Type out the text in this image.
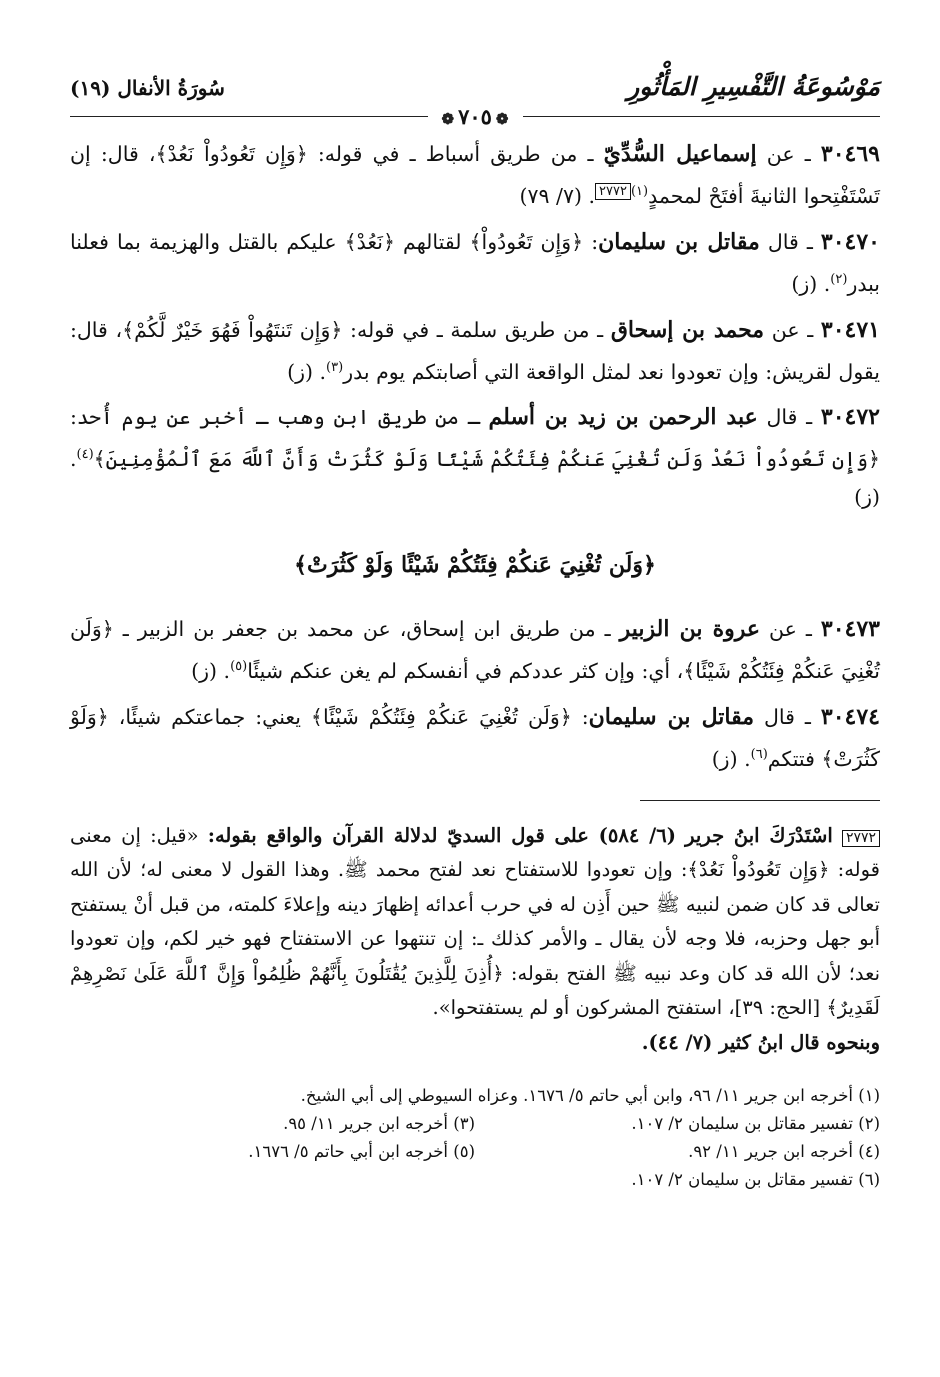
مَوْسُوعَةُ التَّفْسِيرِ المَأْثُورِ
سُورَةُ الأنفال (١٩)
❁٧٠٥❁

٣٠٤٦٩ ـ عن إسماعيل السُّدِّيّ ـ من طريق أسباط ـ في قوله: ﴿وَإِن تَعُودُواْ نَعُدْ﴾، قال: إن تَسْتَفْتِحوا الثانيةَ أفتَحْ لمحمدٍ$^{(١)}$٢٧٧٢. (٧/ ٧٩)

٣٠٤٧٠ ـ قال مقاتل بن سليمان: ﴿وَإِن تَعُودُواْ﴾ لقتالهم ﴿نَعُدْ﴾ عليكم بالقتل والهزيمة بما فعلنا ببدر$^{(٢)}$. (ز)

٣٠٤٧١ ـ عن محمد بن إسحاق ـ من طريق سلمة ـ في قوله: ﴿وَإِن تَنتَهُواْ فَهُوَ خَيْرٌ لَّكُمْ﴾، قال: يقول لقريش: وإن تعودوا نعد لمثل الواقعة التي أصابتكم يوم بدر$^{(٣)}$. (ز)

٣٠٤٧٢ ـ قال عبد الرحمن بن زيد بن أسلم ـ من طريق ابن وهب ـ أخبر عن يوم أُحد: ﴿وَإِن تَعُودُواْ نَعُدْ وَلَن تُغْنِيَ عَنكُمْ فِئَتُكُمْ شَيْئًا وَلَوْ كَثُرَتْ وَأَنَّ ٱللَّهَ مَعَ ٱلْمُؤْمِنِينَ﴾$^{(٤)}$. (ز)

﴿وَلَن تُغْنِيَ عَنكُمْ فِئَتُكُمْ شَيْئًا وَلَوْ كَثُرَتْ﴾

٣٠٤٧٣ ـ عن عروة بن الزبير ـ من طريق ابن إسحاق، عن محمد بن جعفر بن الزبير ـ ﴿وَلَن تُغْنِيَ عَنكُمْ فِئَتُكُمْ شَيْئًا﴾، أي: وإن كثر عددكم في أنفسكم لم يغن عنكم شيئًا$^{(٥)}$. (ز)

٣٠٤٧٤ ـ قال مقاتل بن سليمان: ﴿وَلَن تُغْنِيَ عَنكُمْ فِئَتُكُمْ شَيْئًا﴾ يعني: جماعتكم شيئًا، ﴿وَلَوْ كَثُرَتْ﴾ فتتكم$^{(٦)}$. (ز)

٢٧٧٢ اسْتَدْرَكَ ابنُ جرير (٦/ ٥٨٤) على قول السديّ لدلالة القرآن والواقع بقوله: «قيل: إن معنى قوله: ﴿وَإِن تَعُودُواْ نَعُدْ﴾: وإن تعودوا للاستفتاح نعد لفتح محمد ﷺ. وهذا القول لا معنى له؛ لأن الله تعالى قد كان ضمن لنبيه ﷺ حين أَذِن له في حرب أعدائه إظهارَ دينه وإعلاءَ كلمته، من قبل أنْ يستفتح أبو جهل وحزبه، فلا وجه لأن يقال ـ والأمر كذلك ـ: إن تنتهوا عن الاستفتاح فهو خير لكم، وإن تعودوا نعد؛ لأن الله قد كان وعد نبيه ﷺ الفتح بقوله: ﴿أُذِنَ لِلَّذِينَ يُقَٰتَلُونَ بِأَنَّهُمْ ظُلِمُواْ وَإِنَّ ٱللَّهَ عَلَىٰ نَصْرِهِمْ لَقَدِيرٌ﴾ [الحج: ٣٩]، استفتح المشركون أو لم يستفتحوا».
وبنحوه قال ابنُ كثير (٧/ ٤٤).
(١) أخرجه ابن جرير ١١/ ٩٦، وابن أبي حاتم ٥/ ١٦٧٦. وعزاه السيوطي إلى أبي الشيخ.
(٢) تفسير مقاتل بن سليمان ٢/ ١٠٧.
(٣) أخرجه ابن جرير ١١/ ٩٥.
(٤) أخرجه ابن جرير ١١/ ٩٢.
(٥) أخرجه ابن أبي حاتم ٥/ ١٦٧٦.
(٦) تفسير مقاتل بن سليمان ٢/ ١٠٧.
